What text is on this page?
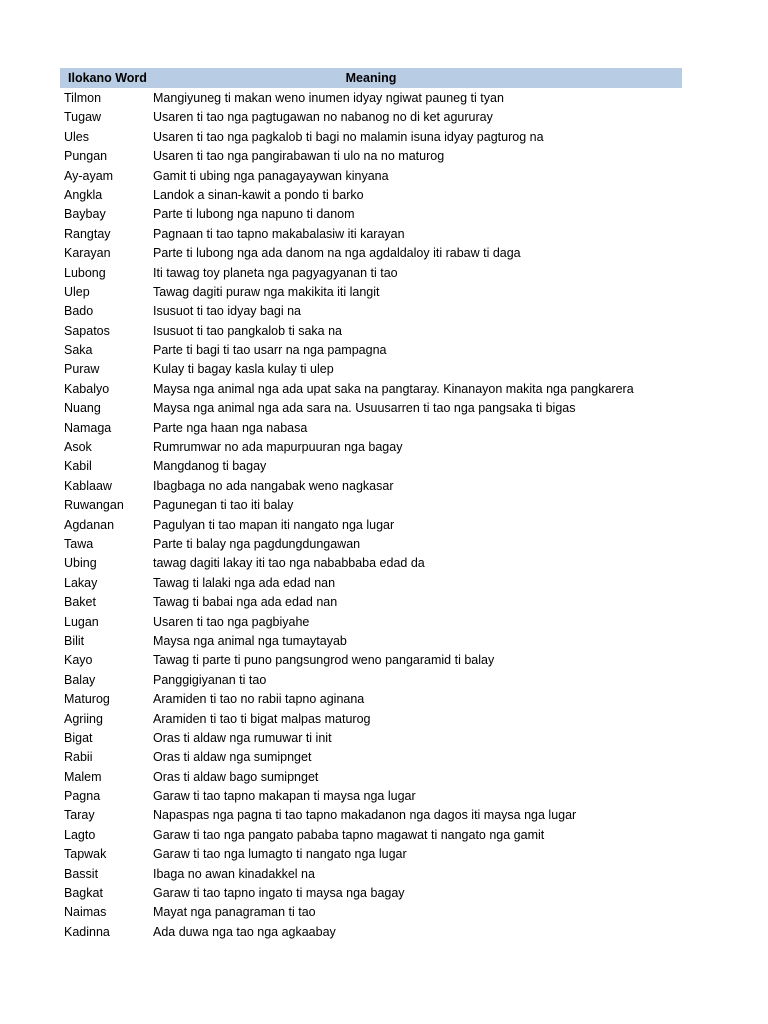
Ilokano Word	Meaning
Tilmon	Mangiyuneg ti makan weno inumen idyay ngiwat pauneg ti tyan
Tugaw	Usaren ti tao nga pagtugawan no nabanog no di ket agururay
Ules	Usaren ti tao nga pagkalob ti bagi no malamin isuna idyay pagturog na
Pungan	Usaren ti tao nga pangirabawan ti ulo na no maturog
Ay-ayam	Gamit ti ubing nga panagayaywan kinyana
Angkla	Landok a sinan-kawit a pondo ti barko
Baybay	Parte ti lubong nga napuno ti danom
Rangtay	Pagnaan ti tao tapno makabalasiw iti karayan
Karayan	Parte ti lubong nga ada danom na nga agdaldaloy iti rabaw ti daga
Lubong	Iti tawag toy planeta nga pagyagyanan ti tao
Ulep	Tawag dagiti puraw nga makikita iti langit
Bado	Isusuot ti tao idyay bagi na
Sapatos	Isusuot ti tao pangkalob ti saka na
Saka	Parte ti bagi ti tao usarr na nga pampagna
Puraw	Kulay ti bagay kasla kulay ti ulep
Kabalyo	Maysa nga animal nga ada upat saka na pangtaray. Kinanayon makita nga pangkarera
Nuang	Maysa nga animal nga ada sara na. Usuusarren ti tao nga pangsaka ti bigas
Namaga	Parte nga haan nga nabasa
Asok	Rumrumwar no ada mapurpuuran nga bagay
Kabil	Mangdanog ti bagay
Kablaaw	Ibagbaga no ada nangabak weno nagkasar
Ruwangan	Pagunegan ti tao iti balay
Agdanan	Pagulyan ti tao mapan iti nangato nga lugar
Tawa	Parte ti balay nga pagdungdungawan
Ubing	tawag dagiti lakay iti tao nga nababbaba edad da
Lakay	Tawag ti lalaki nga ada edad nan
Baket	Tawag ti babai nga ada edad nan
Lugan	Usaren ti tao nga pagbiyahe
Bilit	Maysa nga animal nga tumaytayab
Kayo	Tawag ti parte ti puno pangsungrod weno pangaramid ti balay
Balay	Panggigiyanan ti tao
Maturog	Aramiden ti tao no rabii tapno aginana
Agriing	Aramiden ti tao ti bigat malpas maturog
Bigat	Oras ti aldaw nga rumuwar ti init
Rabii	Oras ti aldaw nga sumipnget
Malem	Oras ti aldaw bago sumipnget
Pagna	Garaw ti tao tapno makapan ti maysa nga lugar
Taray	Napaspas nga pagna ti tao tapno makadanon nga dagos iti maysa nga lugar
Lagto	Garaw ti tao nga pangato pababa tapno magawat ti nangato nga gamit
Tapwak	Garaw ti tao nga lumagto ti nangato nga lugar
Bassit	Ibaga no awan kinadakkel na
Bagkat	Garaw ti tao tapno ingato ti maysa nga bagay
Naimas	Mayat nga panagraman ti tao
Kadinna	Ada duwa nga tao nga agkaabay
